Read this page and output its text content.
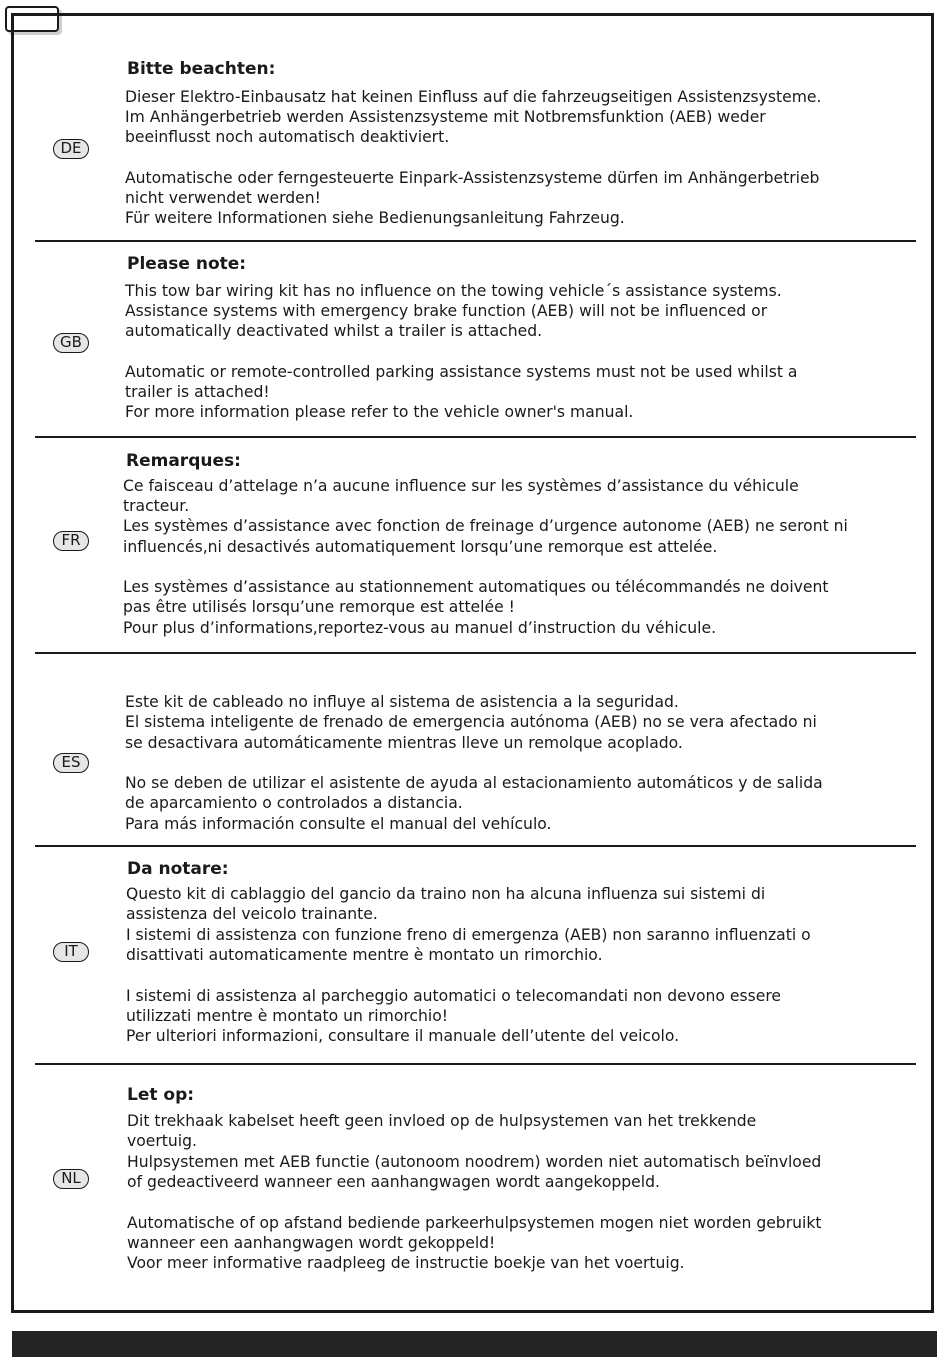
Bitte beachten:
DE
Dieser Elektro-Einbausatz hat keinen Einfluss auf die fahrzeugseitigen Assistenzsysteme.
Im Anhängerbetrieb werden Assistenzsysteme mit Notbremsfunktion (AEB) weder
beeinflusst noch automatisch deaktiviert.
Automatische oder ferngesteuerte Einpark-Assistenzsysteme dürfen im Anhängerbetrieb
nicht verwendet werden!
Für weitere Informationen siehe Bedienungsanleitung Fahrzeug.
Please note:
GB
This tow bar wiring kit has no influence on the towing vehicle´s assistance systems.
Assistance systems with emergency brake function (AEB) will not be influenced or
automatically deactivated whilst a trailer is attached.
Automatic or remote-controlled parking assistance systems must not be used whilst a
trailer is attached!
For more information please refer to the vehicle owner's manual.
Remarques:
FR
Ce faisceau d’attelage n’a aucune influence sur les systèmes d’assistance du véhicule
tracteur.
Les systèmes d’assistance avec fonction de freinage d’urgence autonome (AEB) ne seront ni
influencés,ni desactivés automatiquement lorsqu’une remorque est attelée.
Les systèmes d’assistance au stationnement automatiques ou télécommandés ne doivent
pas être utilisés lorsqu’une remorque est attelée !
Pour plus d’informations,reportez-vous au manuel d’instruction du véhicule.
ES
Este kit de cableado no influye al sistema de asistencia a la seguridad.
El sistema inteligente de frenado de emergencia autónoma (AEB) no se vera afectado ni
se desactivara automáticamente mientras lleve un remolque acoplado.
No se deben de utilizar el asistente de ayuda al estacionamiento automáticos y de salida
de aparcamiento o controlados a distancia.
Para más información consulte el manual del vehículo.
Da notare:
IT
Questo kit di cablaggio del gancio da traino non ha alcuna influenza sui sistemi di
assistenza del veicolo trainante.
I sistemi di assistenza con funzione freno di emergenza (AEB) non saranno influenzati o
disattivati automaticamente mentre è montato un rimorchio.
I sistemi di assistenza al parcheggio automatici o telecomandati non devono essere
utilizzati mentre è montato un rimorchio!
Per ulteriori informazioni, consultare il manuale dell’utente del veicolo.
Let op:
NL
Dit trekhaak kabelset heeft geen invloed op de hulpsystemen van het trekkende
voertuig.
Hulpsystemen met AEB functie (autonoom noodrem) worden niet automatisch beïnvloed
of gedeactiveerd wanneer een aanhangwagen wordt aangekoppeld.
Automatische of op afstand bediende parkeerhulpsystemen mogen niet worden gebruikt
wanneer een aanhangwagen wordt gekoppeld!
Voor meer informative raadpleeg de instructie boekje van het voertuig.
